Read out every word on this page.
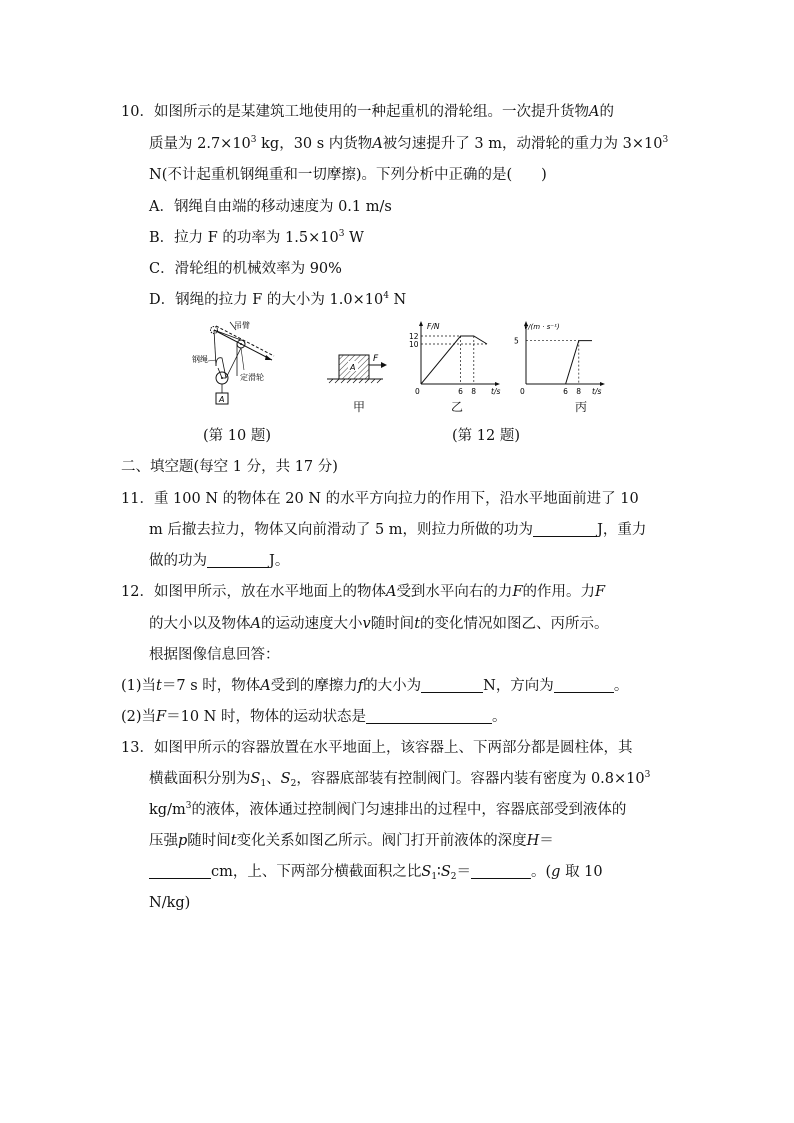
10．如图所示的是某建筑工地使用的一种起重机的滑轮组。一次提升货物A的
质量为 $2.7\times 10^3$ kg，30 s 内货物A被匀速提升了 3 m，动滑轮的重力为 $3\times 10^3$
N(不计起重机钢绳重和一切摩擦)。下列分析中正确的是(　　)
A．钢绳自由端的移动速度为 0.1 m/s
B．拉力 F 的功率为 $1.5\times 10^3$ W
C．滑轮组的机械效率为 90%
D．钢绳的拉力 F 的大小为 $1.0\times 10^4$ N
吊臂
A
钢绳
定滑轮
A
F
甲
F/N
t/s
12
10
0	6 8
乙
v/(m · s⁻¹)
t/s
5
0	6 8
丙
(第 10 题)	(第 12 题)
二、填空题(每空 1 分，共 17 分)
11．重 100 N 的物体在 20 N 的水平方向拉力的作用下，沿水平地面前进了 10
m 后撤去拉力，物体又向前滑动了 5 m，则拉力所做的功为	J，重力
做的功为	J。
12．如图甲所示，放在水平地面上的物体A受到水平向右的力F的作用。力F
的大小以及物体A的运动速度大小v随时间t的变化情况如图乙、丙所示。
根据图像信息回答：
(1)当t＝7 s 时，物体A受到的摩擦力f的大小为	N，方向为	。
(2)当F＝10 N 时，物体的运动状态是	。
13．如图甲所示的容器放置在水平地面上，该容器上、下两部分都是圆柱体，其
横截面积分别为$S_1$、$S_2$，容器底部装有控制阀门。容器内装有密度为 $0.8\times 10^3$
$kg/m^3$的液体，液体通过控制阀门匀速排出的过程中，容器底部受到液体的
压强p随时间t变化关系如图乙所示。阀门打开前液体的深度H＝
cm，上、下两部分横截面积之比$S_1∶S_2=$	。(g 取 10
N/kg)
